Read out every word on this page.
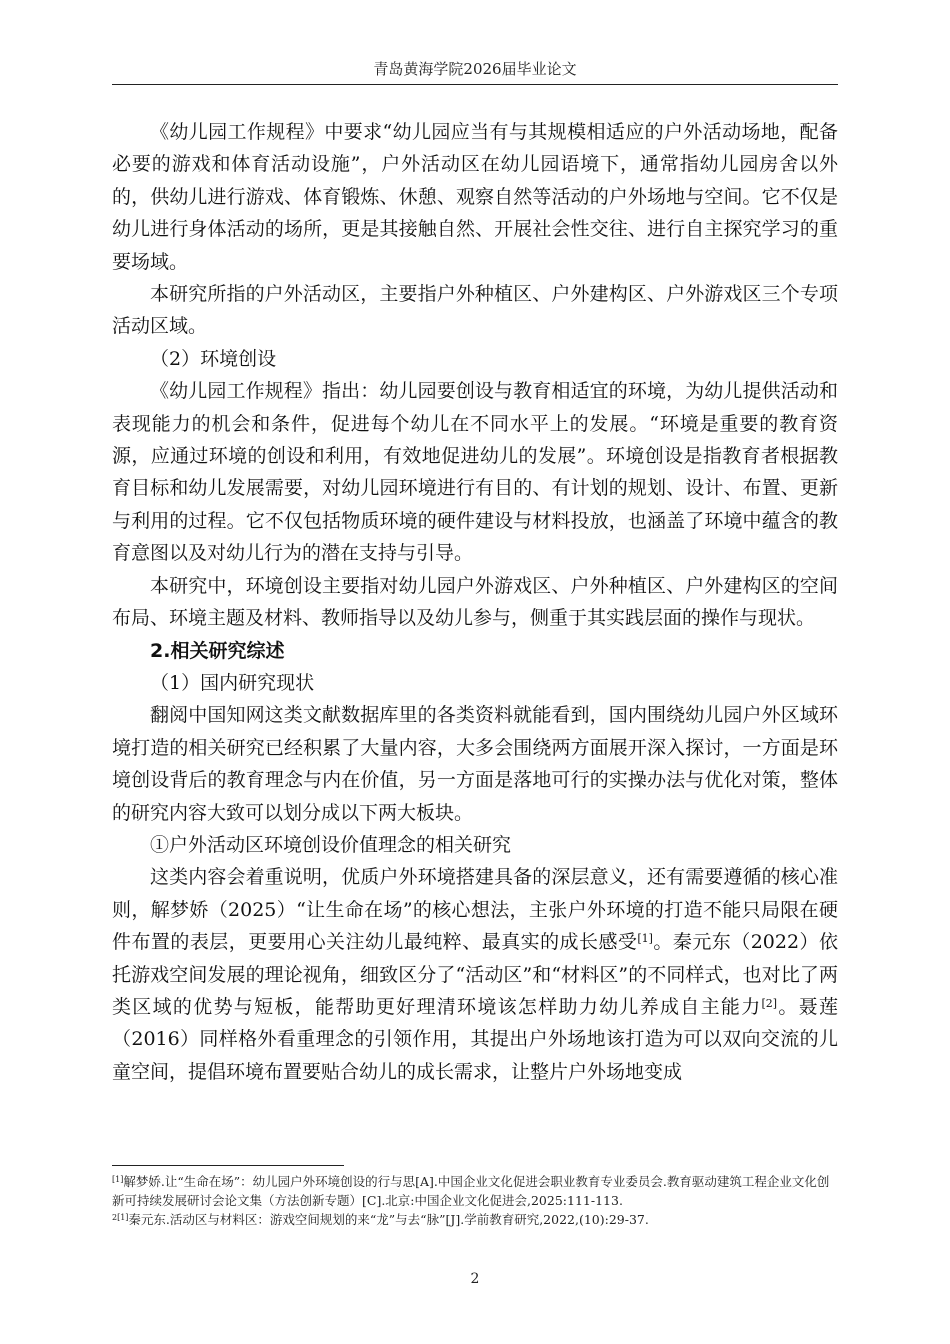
青岛黄海学院2026届毕业论文

《幼儿园工作规程》中要求“幼儿园应当有与其规模相适应的户外活动场地，配备必要的游戏和体育活动设施”，户外活动区在幼儿园语境下，通常指幼儿园房舍以外的，供幼儿进行游戏、体育锻炼、休憩、观察自然等活动的户外场地与空间。它不仅是幼儿进行身体活动的场所，更是其接触自然、开展社会性交往、进行自主探究学习的重要场域。

本研究所指的户外活动区，主要指户外种植区、户外建构区、户外游戏区三个专项活动区域。

（2）环境创设

《幼儿园工作规程》指出：幼儿园要创设与教育相适宜的环境，为幼儿提供活动和表现能力的机会和条件，促进每个幼儿在不同水平上的发展。“环境是重要的教育资源，应通过环境的创设和利用，有效地促进幼儿的发展”。环境创设是指教育者根据教育目标和幼儿发展需要，对幼儿园环境进行有目的、有计划的规划、设计、布置、更新与利用的过程。它不仅包括物质环境的硬件建设与材料投放，也涵盖了环境中蕴含的教育意图以及对幼儿行为的潜在支持与引导。

本研究中，环境创设主要指对幼儿园户外游戏区、户外种植区、户外建构区的空间布局、环境主题及材料、教师指导以及幼儿参与，侧重于其实践层面的操作与现状。

2.相关研究综述

（1）国内研究现状

翻阅中国知网这类文献数据库里的各类资料就能看到，国内围绕幼儿园户外区域环境打造的相关研究已经积累了大量内容，大多会围绕两方面展开深入探讨，一方面是环境创设背后的教育理念与内在价值，另一方面是落地可行的实操办法与优化对策，整体的研究内容大致可以划分成以下两大板块。

①户外活动区环境创设价值理念的相关研究

这类内容会着重说明，优质户外环境搭建具备的深层意义，还有需要遵循的核心准则，解梦娇（2025）“让生命在场”的核心想法，主张户外环境的打造不能只局限在硬件布置的表层，更要用心关注幼儿最纯粹、最真实的成长感受[1]。秦元东（2022）依托游戏空间发展的理论视角，细致区分了“活动区”和“材料区”的不同样式，也对比了两类区域的优势与短板，能帮助更好理清环境该怎样助力幼儿养成自主能力[2]。聂莲（2016）同样格外看重理念的引领作用，其提出户外场地该打造为可以双向交流的儿童空间，提倡环境布置要贴合幼儿的成长需求，让整片户外场地变成

[1]解梦娇.让“生命在场”：幼儿园户外环境创设的行与思[A].中国企业文化促进会职业教育专业委员会.教育驱动建筑工程企业文化创新可持续发展研讨会论文集（方法创新专题）[C].北京:中国企业文化促进会,2025:111-113.

$^{2[1]}$秦元东.活动区与材料区：游戏空间规划的来“龙”与去“脉”[J].学前教育研究,2022,(10):29-37.

2
